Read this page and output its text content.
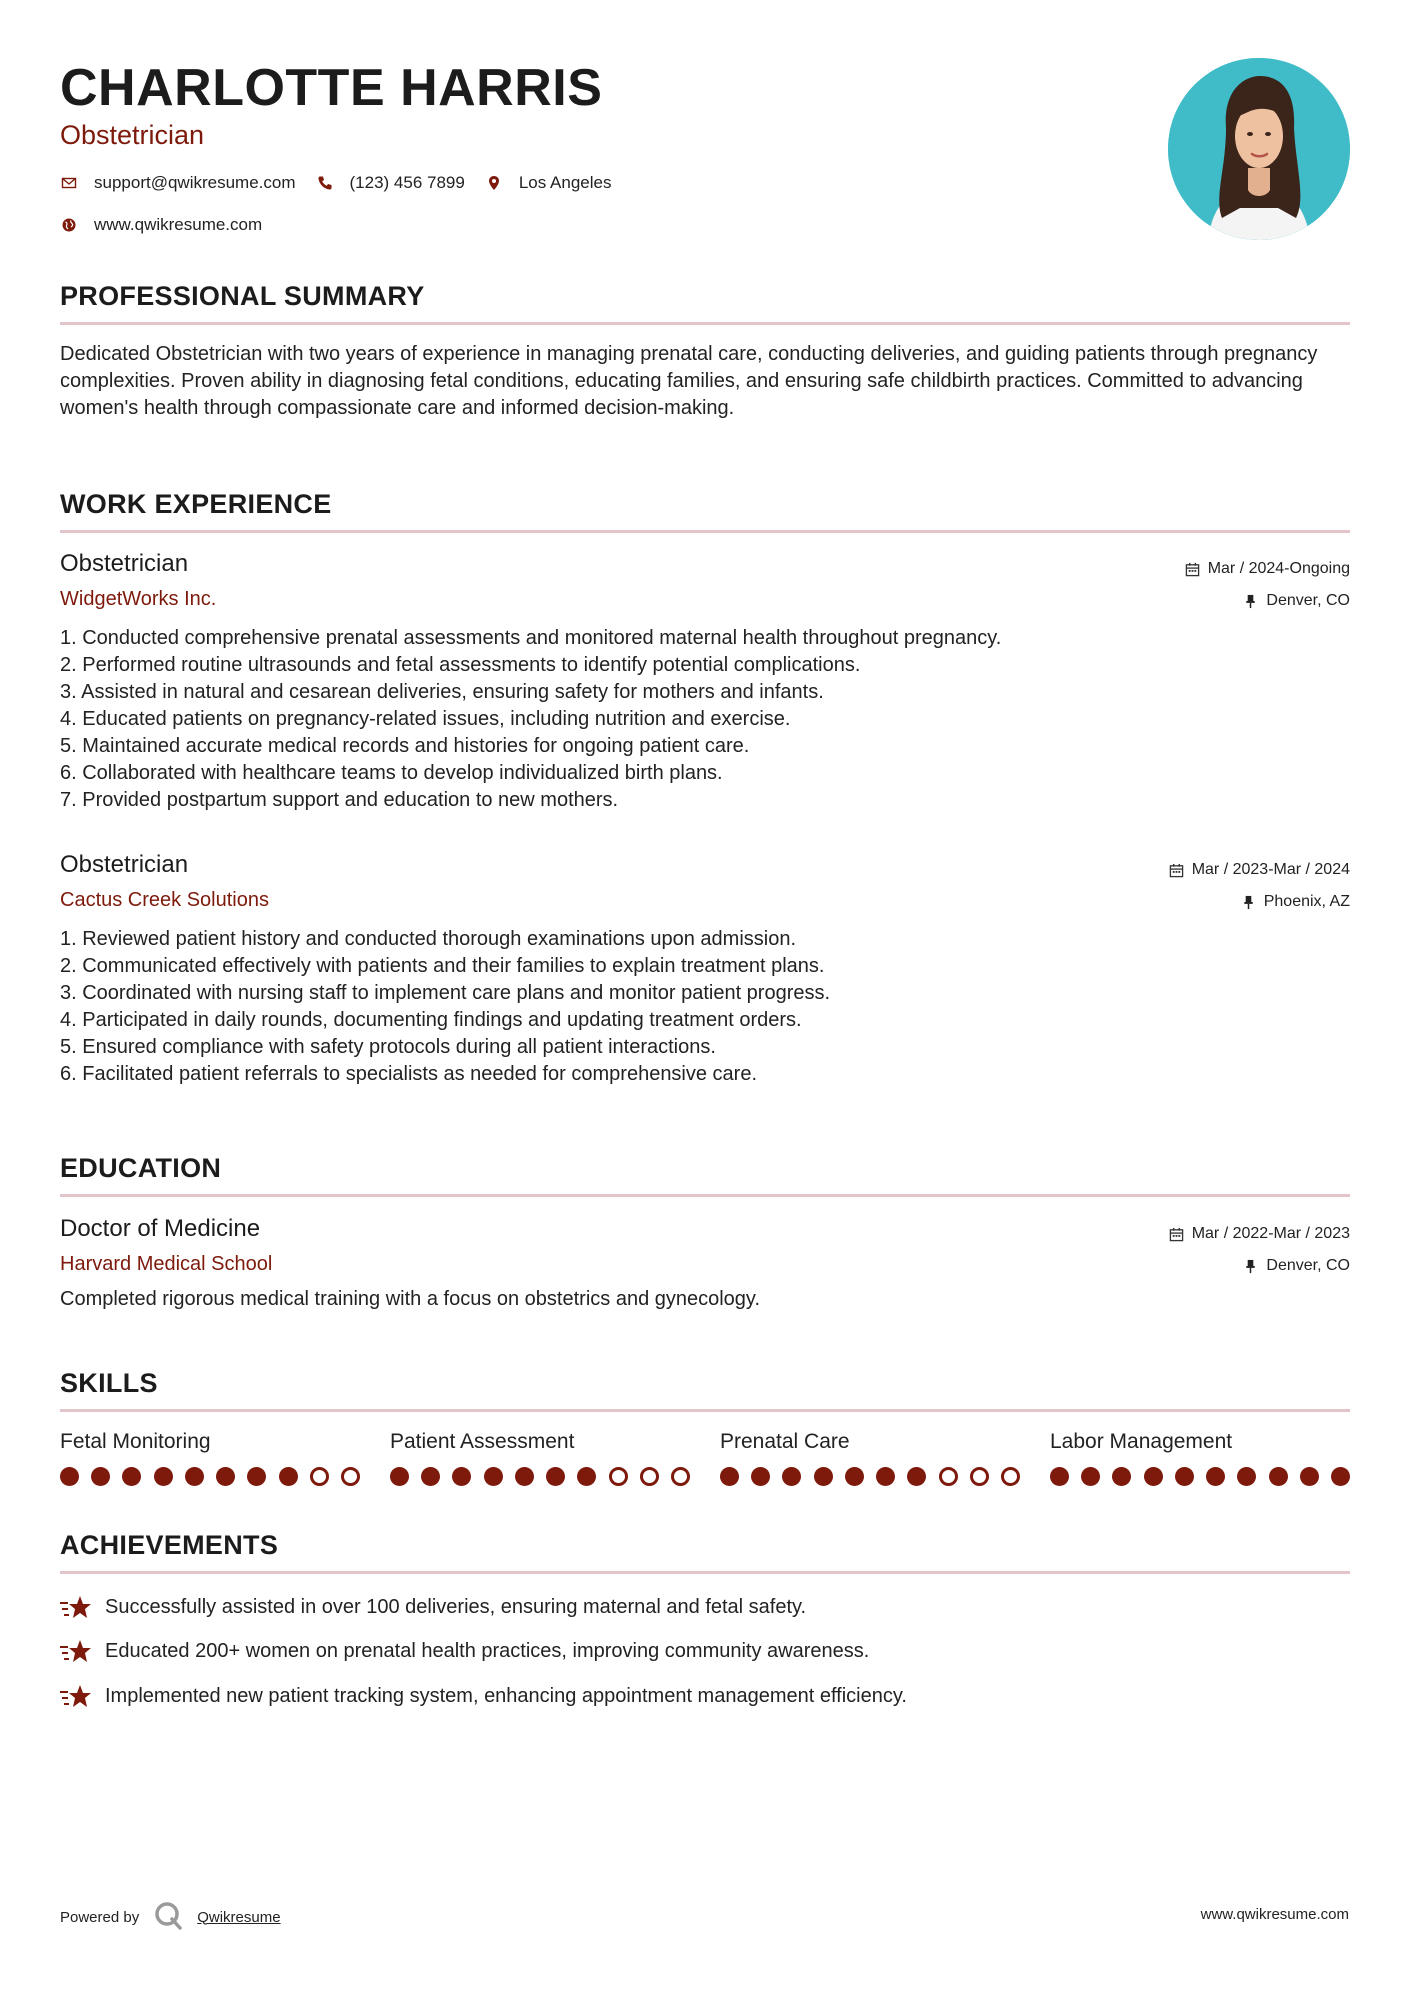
CHARLOTTE HARRIS
Obstetrician
support@qwikresume.com	(123) 456 7899	Los Angeles
www.qwikresume.com
PROFESSIONAL SUMMARY
Dedicated Obstetrician with two years of experience in managing prenatal care, conducting deliveries, and guiding patients through pregnancy complexities. Proven ability in diagnosing fetal conditions, educating families, and ensuring safe childbirth practices. Committed to advancing women's health through compassionate care and informed decision-making.
WORK EXPERIENCE
Obstetrician
WidgetWorks Inc.
Mar / 2024-Ongoing
Denver, CO
1. Conducted comprehensive prenatal assessments and monitored maternal health throughout pregnancy.
2. Performed routine ultrasounds and fetal assessments to identify potential complications.
3. Assisted in natural and cesarean deliveries, ensuring safety for mothers and infants.
4. Educated patients on pregnancy-related issues, including nutrition and exercise.
5. Maintained accurate medical records and histories for ongoing patient care.
6. Collaborated with healthcare teams to develop individualized birth plans.
7. Provided postpartum support and education to new mothers.
Obstetrician
Cactus Creek Solutions
Mar / 2023-Mar / 2024
Phoenix, AZ
1. Reviewed patient history and conducted thorough examinations upon admission.
2. Communicated effectively with patients and their families to explain treatment plans.
3. Coordinated with nursing staff to implement care plans and monitor patient progress.
4. Participated in daily rounds, documenting findings and updating treatment orders.
5. Ensured compliance with safety protocols during all patient interactions.
6. Facilitated patient referrals to specialists as needed for comprehensive care.
EDUCATION
Doctor of Medicine
Harvard Medical School
Mar / 2022-Mar / 2023
Denver, CO
Completed rigorous medical training with a focus on obstetrics and gynecology.
SKILLS
Fetal Monitoring	Patient Assessment	Prenatal Care	Labor Management
ACHIEVEMENTS
Successfully assisted in over 100 deliveries, ensuring maternal and fetal safety.
Educated 200+ women on prenatal health practices, improving community awareness.
Implemented new patient tracking system, enhancing appointment management efficiency.
Powered by	Qwikresume	www.qwikresume.com
